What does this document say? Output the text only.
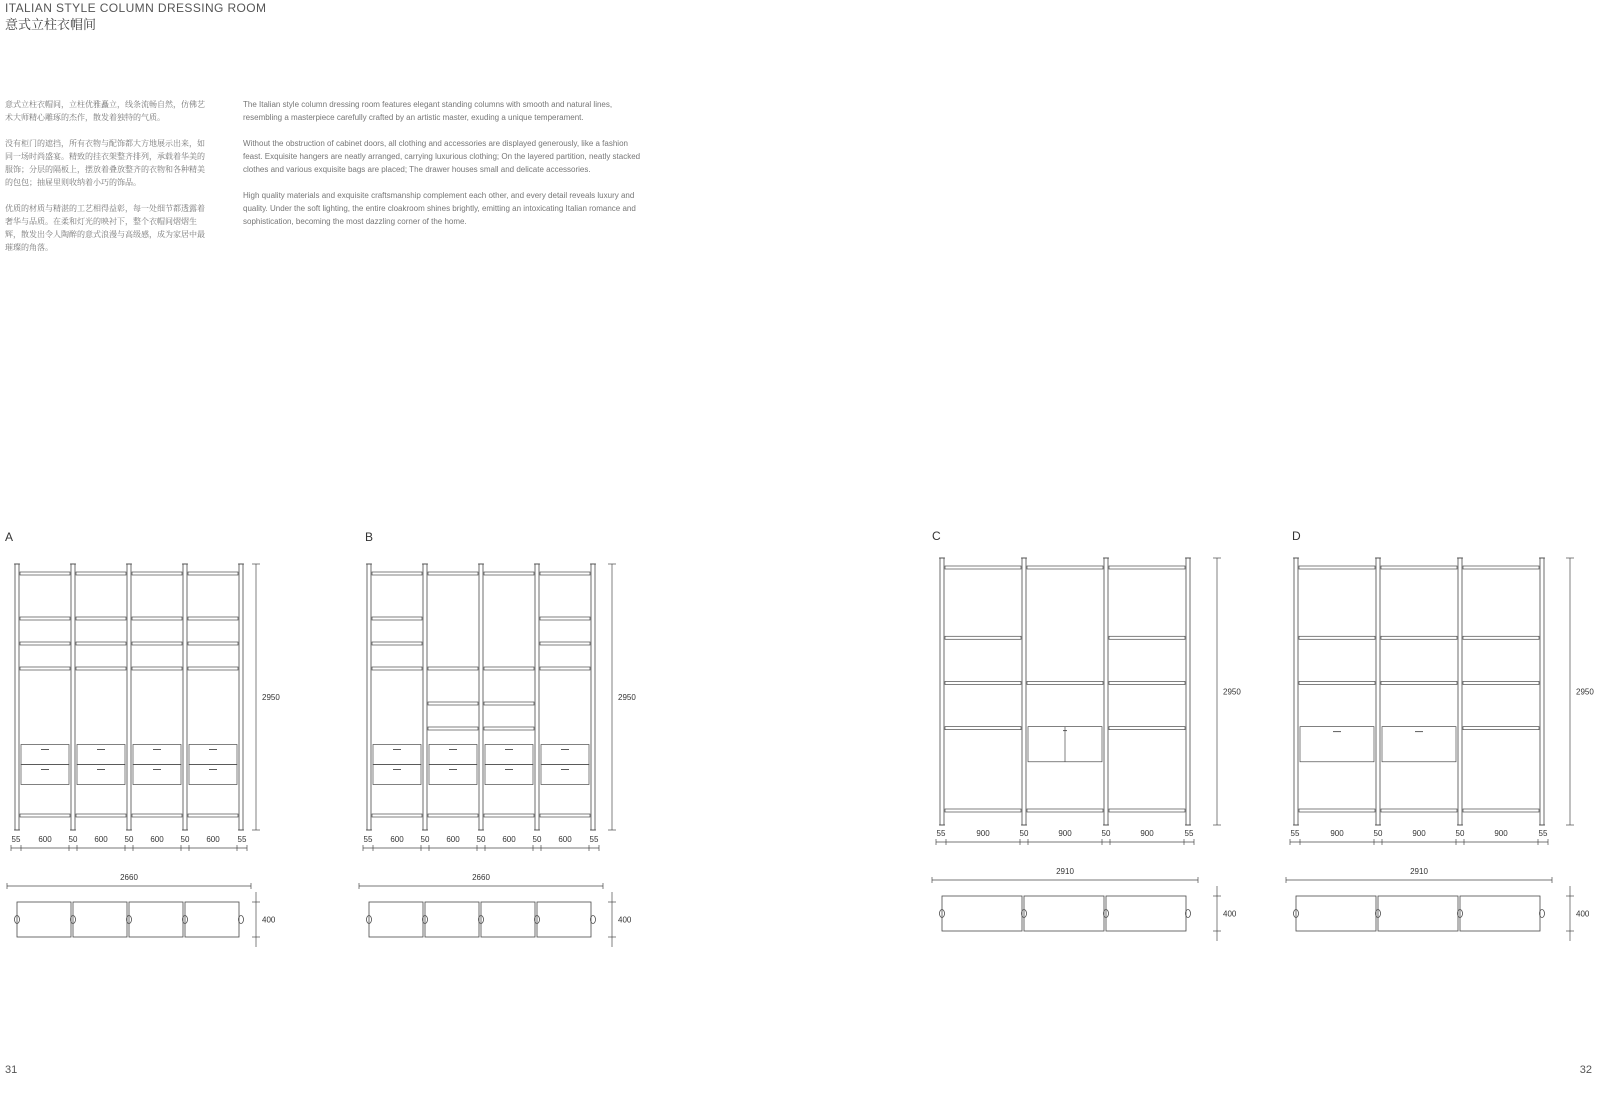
ITALIAN STYLE COLUMN DRESSING ROOM
意式立柱衣帽间

意式立柱衣帽间，立柱优雅矗立，线条流畅自然，仿佛艺术大师精心雕琢的杰作，散发着独特的气质。

没有柜门的遮挡，所有衣物与配饰都大方地展示出来，如同一场时尚盛宴。精致的挂衣架整齐排列，承载着华美的服饰；分层的隔板上，摆放着叠放整齐的衣物和各种精美的包包；抽屉里则收纳着小巧的饰品。

优质的材质与精湛的工艺相得益彰，每一处细节都透露着奢华与品质。在柔和灯光的映衬下，整个衣帽间熠熠生辉，散发出令人陶醉的意式浪漫与高级感，成为家居中最璀璨的角落。

The Italian style column dressing room features elegant standing columns with smooth and natural lines, resembling a masterpiece carefully crafted by an artistic master, exuding a unique temperament.

Without the obstruction of cabinet doors, all clothing and accessories are displayed generously, like a fashion feast. Exquisite hangers are neatly arranged, carrying luxurious clothing; On the layered partition, neatly stacked clothes and various exquisite bags are placed; The drawer houses small and delicate accessories.

High quality materials and exquisite craftsmanship complement each other, and every detail reveals luxury and quality. Under the soft lighting, the entire cloakroom shines brightly, emitting an intoxicating Italian romance and sophistication, becoming the most dazzling corner of the home.

A	B	C	D
2950
55 600 50 600 50 600 50 600 55
2660
400
2950
55 600 50 600 50 600 50 600 55
2660
400
2950
55	900	50	900	50	900	55
2910
400
2950
55	900	50	900	50	900	55
2910
400
31	32
